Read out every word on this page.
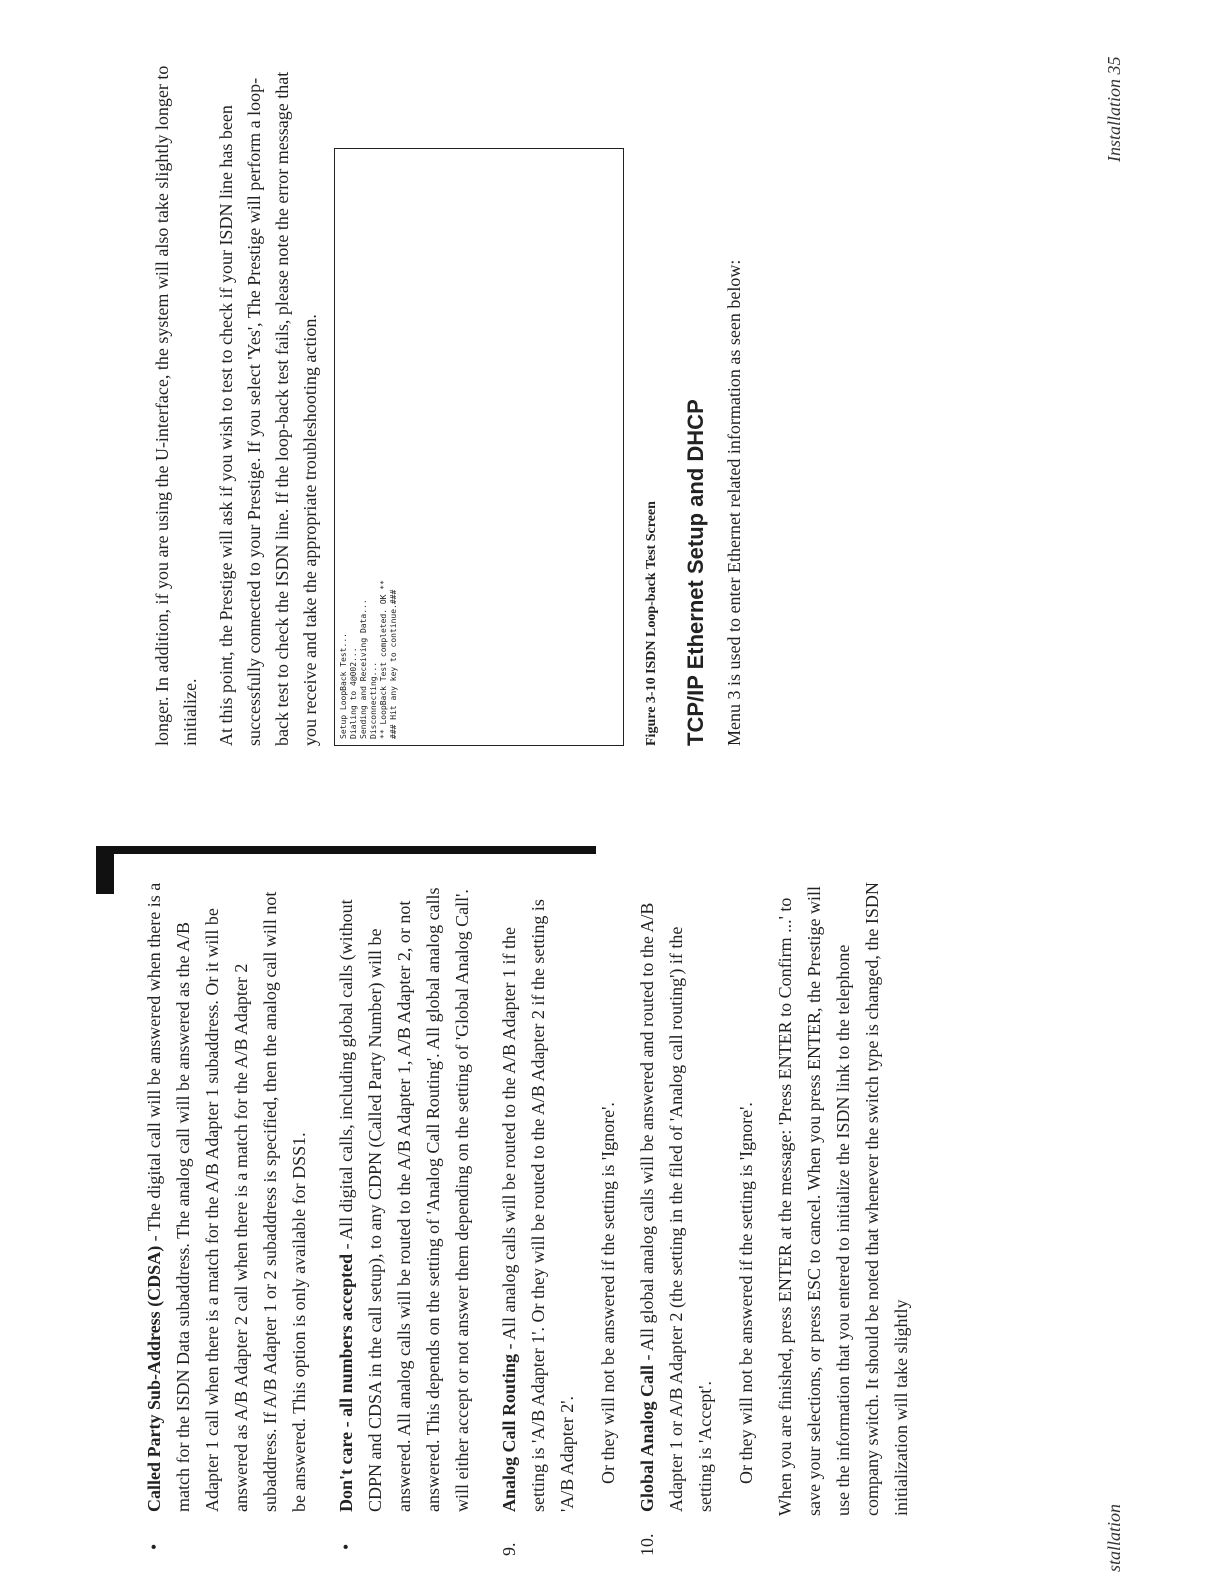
• Called Party Sub-Address (CDSA) - The digital call will be answered when there is a match for the ISDN Data subaddress. The analog call will be answered as the A/B Adapter 1 call when there is a match for the A/B Adapter 1 subaddress. Or it will be answered as A/B Adapter 2 call when there is a match for the A/B Adapter 2 subaddress. If A/B Adapter 1 or 2 subaddress is specified, then the analog call will not be answered. This option is only available for DSS1.
• Don't care - all numbers accepted - All digital calls, including global calls (without CDPN and CDSA in the call setup), to any CDPN (Called Party Number) will be answered. All analog calls will be routed to the A/B Adapter 1, A/B Adapter 2, or not answered. This depends on the setting of 'Analog Call Routing'. All global analog calls will either accept or not answer them depending on the setting of 'Global Analog Call'.
9.
Analog Call Routing - All analog calls will be routed to the A/B Adapter 1 if the setting is 'A/B Adapter 1'. Or they will be routed to the A/B Adapter 2 if the setting is 'A/B Adapter 2'. Or they will not be answered if the setting is 'Ignore'.
10.
Global Analog Call - All global analog calls will be answered and routed to the A/B Adapter 1 or A/B Adapter 2 (the setting in the filed of 'Analog call routing') if the setting is 'Accept'. Or they will not be answered if the setting is 'Ignore'. When you are finished, press ENTER at the message: 'Press ENTER to Confirm ...' to save your selections, or press ESC to cancel. When you press ENTER, the Prestige will use the information that you entered to initialize the ISDN link to the telephone company switch. It should be noted that whenever the switch type is changed, the ISDN initialization will take slightly

longer. In addition, if you are using the U-interface, the system will also take slightly longer to initialize. At this point, the Prestige will ask if you wish to test to check if your ISDN line has been successfully connected to your Prestige. If you select 'Yes', The Prestige will perform a loop-back test to check the ISDN line. If the loop-back test fails, please note the error message that you receive and take the appropriate troubleshooting action.	Setup LoopBack Test... Dialing to 4@002... Sending and Receiving Data... Disconnecting... ** LoopBack Test completed. OK ** ### Hit any key to continue.###	Figure 3-10 ISDN Loop-back Test Screen	TCP/IP Ethernet Setup and DHCP Menu 3 is used to enter Ethernet related information as seen below:

stallation
Installation 35
